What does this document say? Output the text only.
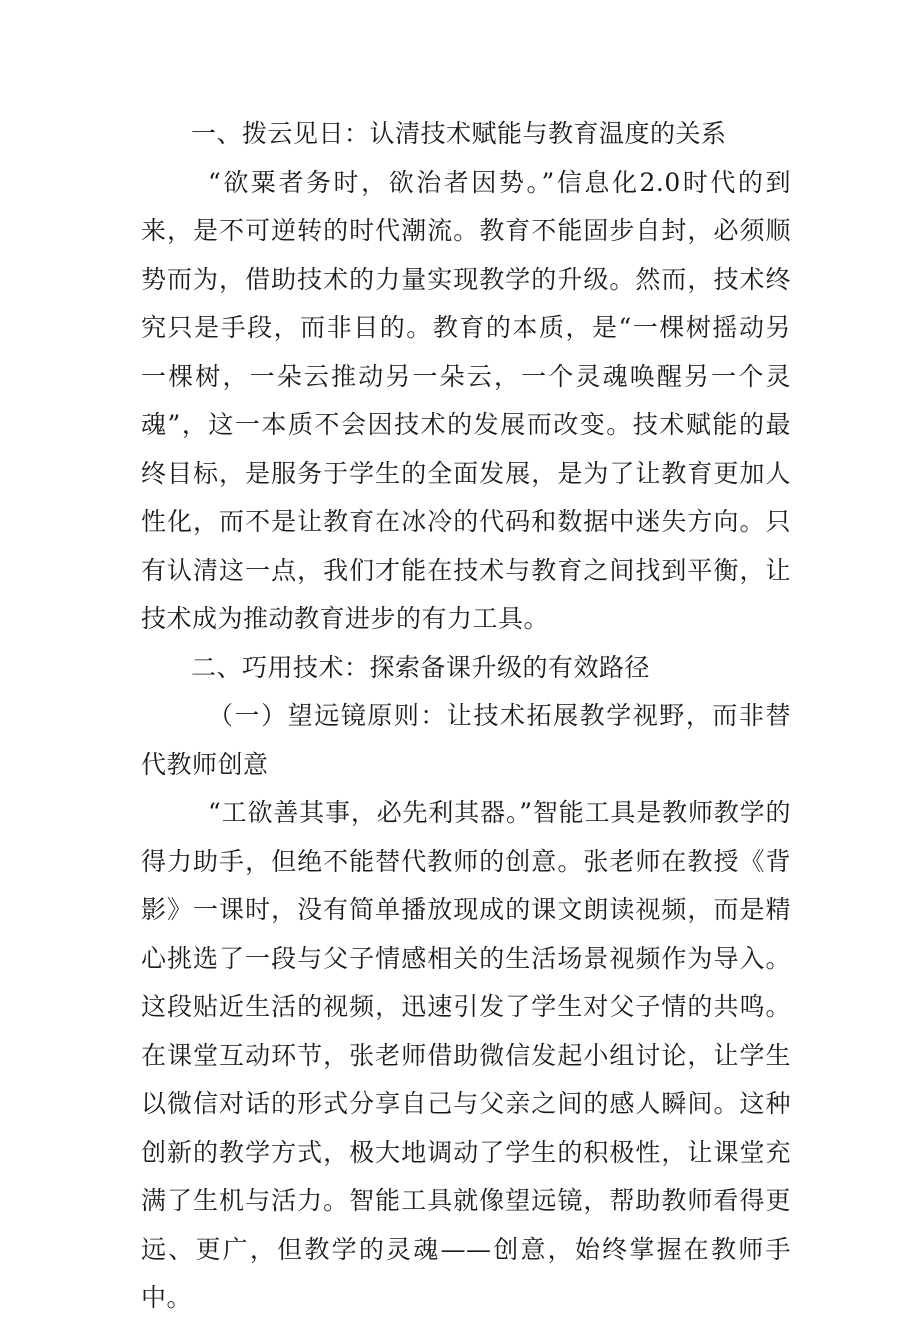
一、拨云见日：认清技术赋能与教育温度的关系

“欲粟者务时，欲治者因势。”信息化2.0时代的到来，是不可逆转的时代潮流。教育不能固步自封，必须顺势而为，借助技术的力量实现教学的升级。然而，技术终究只是手段，而非目的。教育的本质，是“一棵树摇动另一棵树，一朵云推动另一朵云，一个灵魂唤醒另一个灵魂”，这一本质不会因技术的发展而改变。技术赋能的最终目标，是服务于学生的全面发展，是为了让教育更加人性化，而不是让教育在冰冷的代码和数据中迷失方向。只有认清这一点，我们才能在技术与教育之间找到平衡，让技术成为推动教育进步的有力工具。

二、巧用技术：探索备课升级的有效路径

（一）望远镜原则：让技术拓展教学视野，而非替代教师创意

“工欲善其事，必先利其器。”智能工具是教师教学的得力助手，但绝不能替代教师的创意。张老师在教授《背影》一课时，没有简单播放现成的课文朗读视频，而是精心挑选了一段与父子情感相关的生活场景视频作为导入。这段贴近生活的视频，迅速引发了学生对父子情的共鸣。在课堂互动环节，张老师借助微信发起小组讨论，让学生以微信对话的形式分享自己与父亲之间的感人瞬间。这种创新的教学方式，极大地调动了学生的积极性，让课堂充满了生机与活力。智能工具就像望远镜，帮助教师看得更远、更广，但教学的灵魂——创意，始终掌握在教师手中。
